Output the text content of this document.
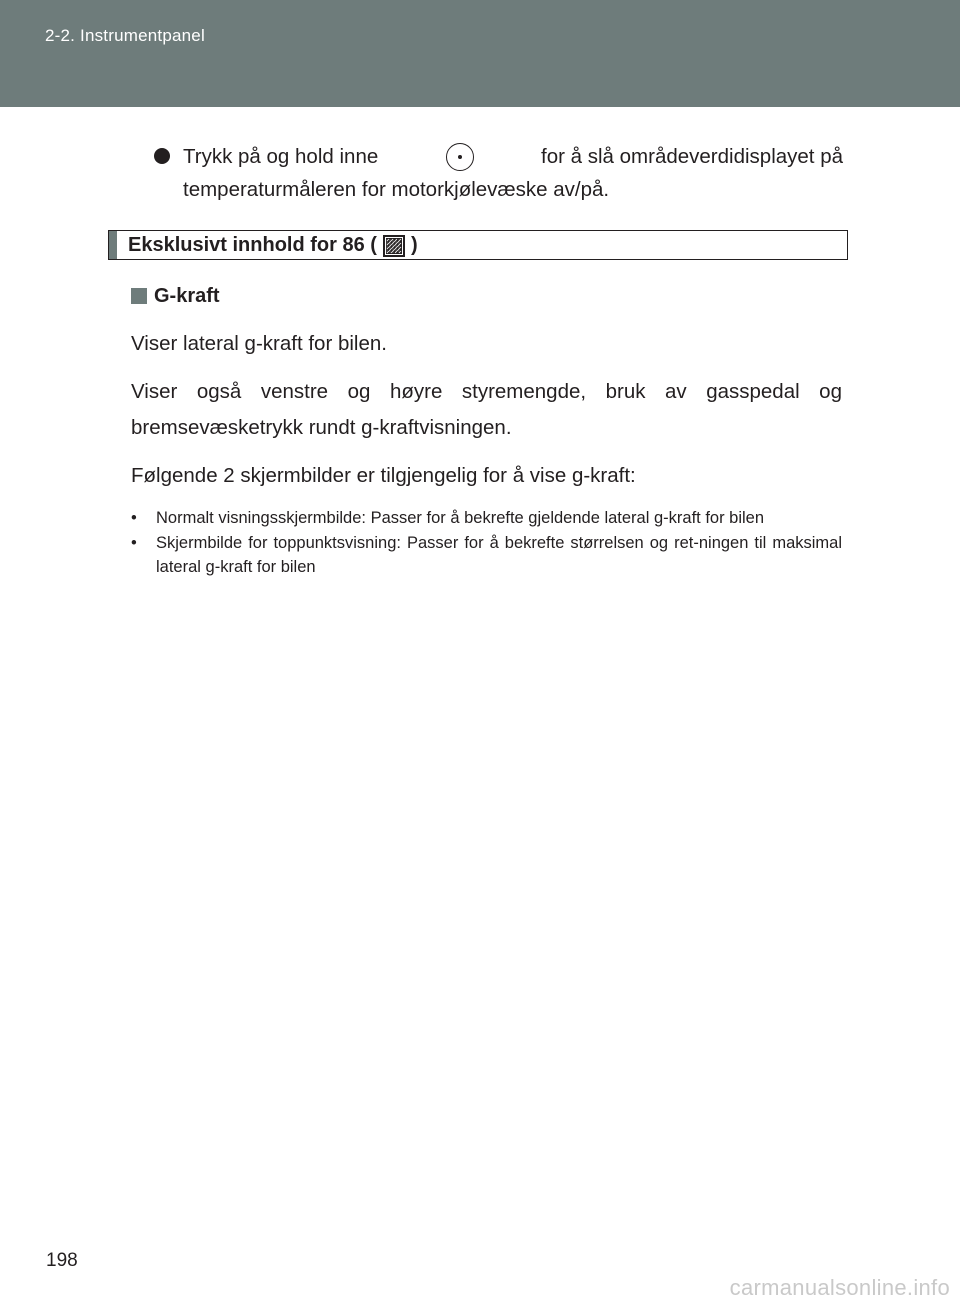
2-2. Instrumentpanel
Trykk på og hold inne	for å slå områdeverdidisplayet på
temperaturmåleren for motorkjølevæske av/på.
Eksklusivt innhold for 86 ( )
G-kraft
Viser lateral g-kraft for bilen.
Viser også venstre og høyre styremengde, bruk av gasspedal og bremsevæsketrykk rundt g-kraftvisningen.
Følgende 2 skjermbilder er tilgjengelig for å vise g-kraft:
• Normalt visningsskjermbilde: Passer for å bekrefte gjeldende lateral g-kraft for bilen
• Skjermbilde for toppunktsvisning: Passer for å bekrefte størrelsen og ret-ningen til maksimal lateral g-kraft for bilen
198
carmanualsonline.info
